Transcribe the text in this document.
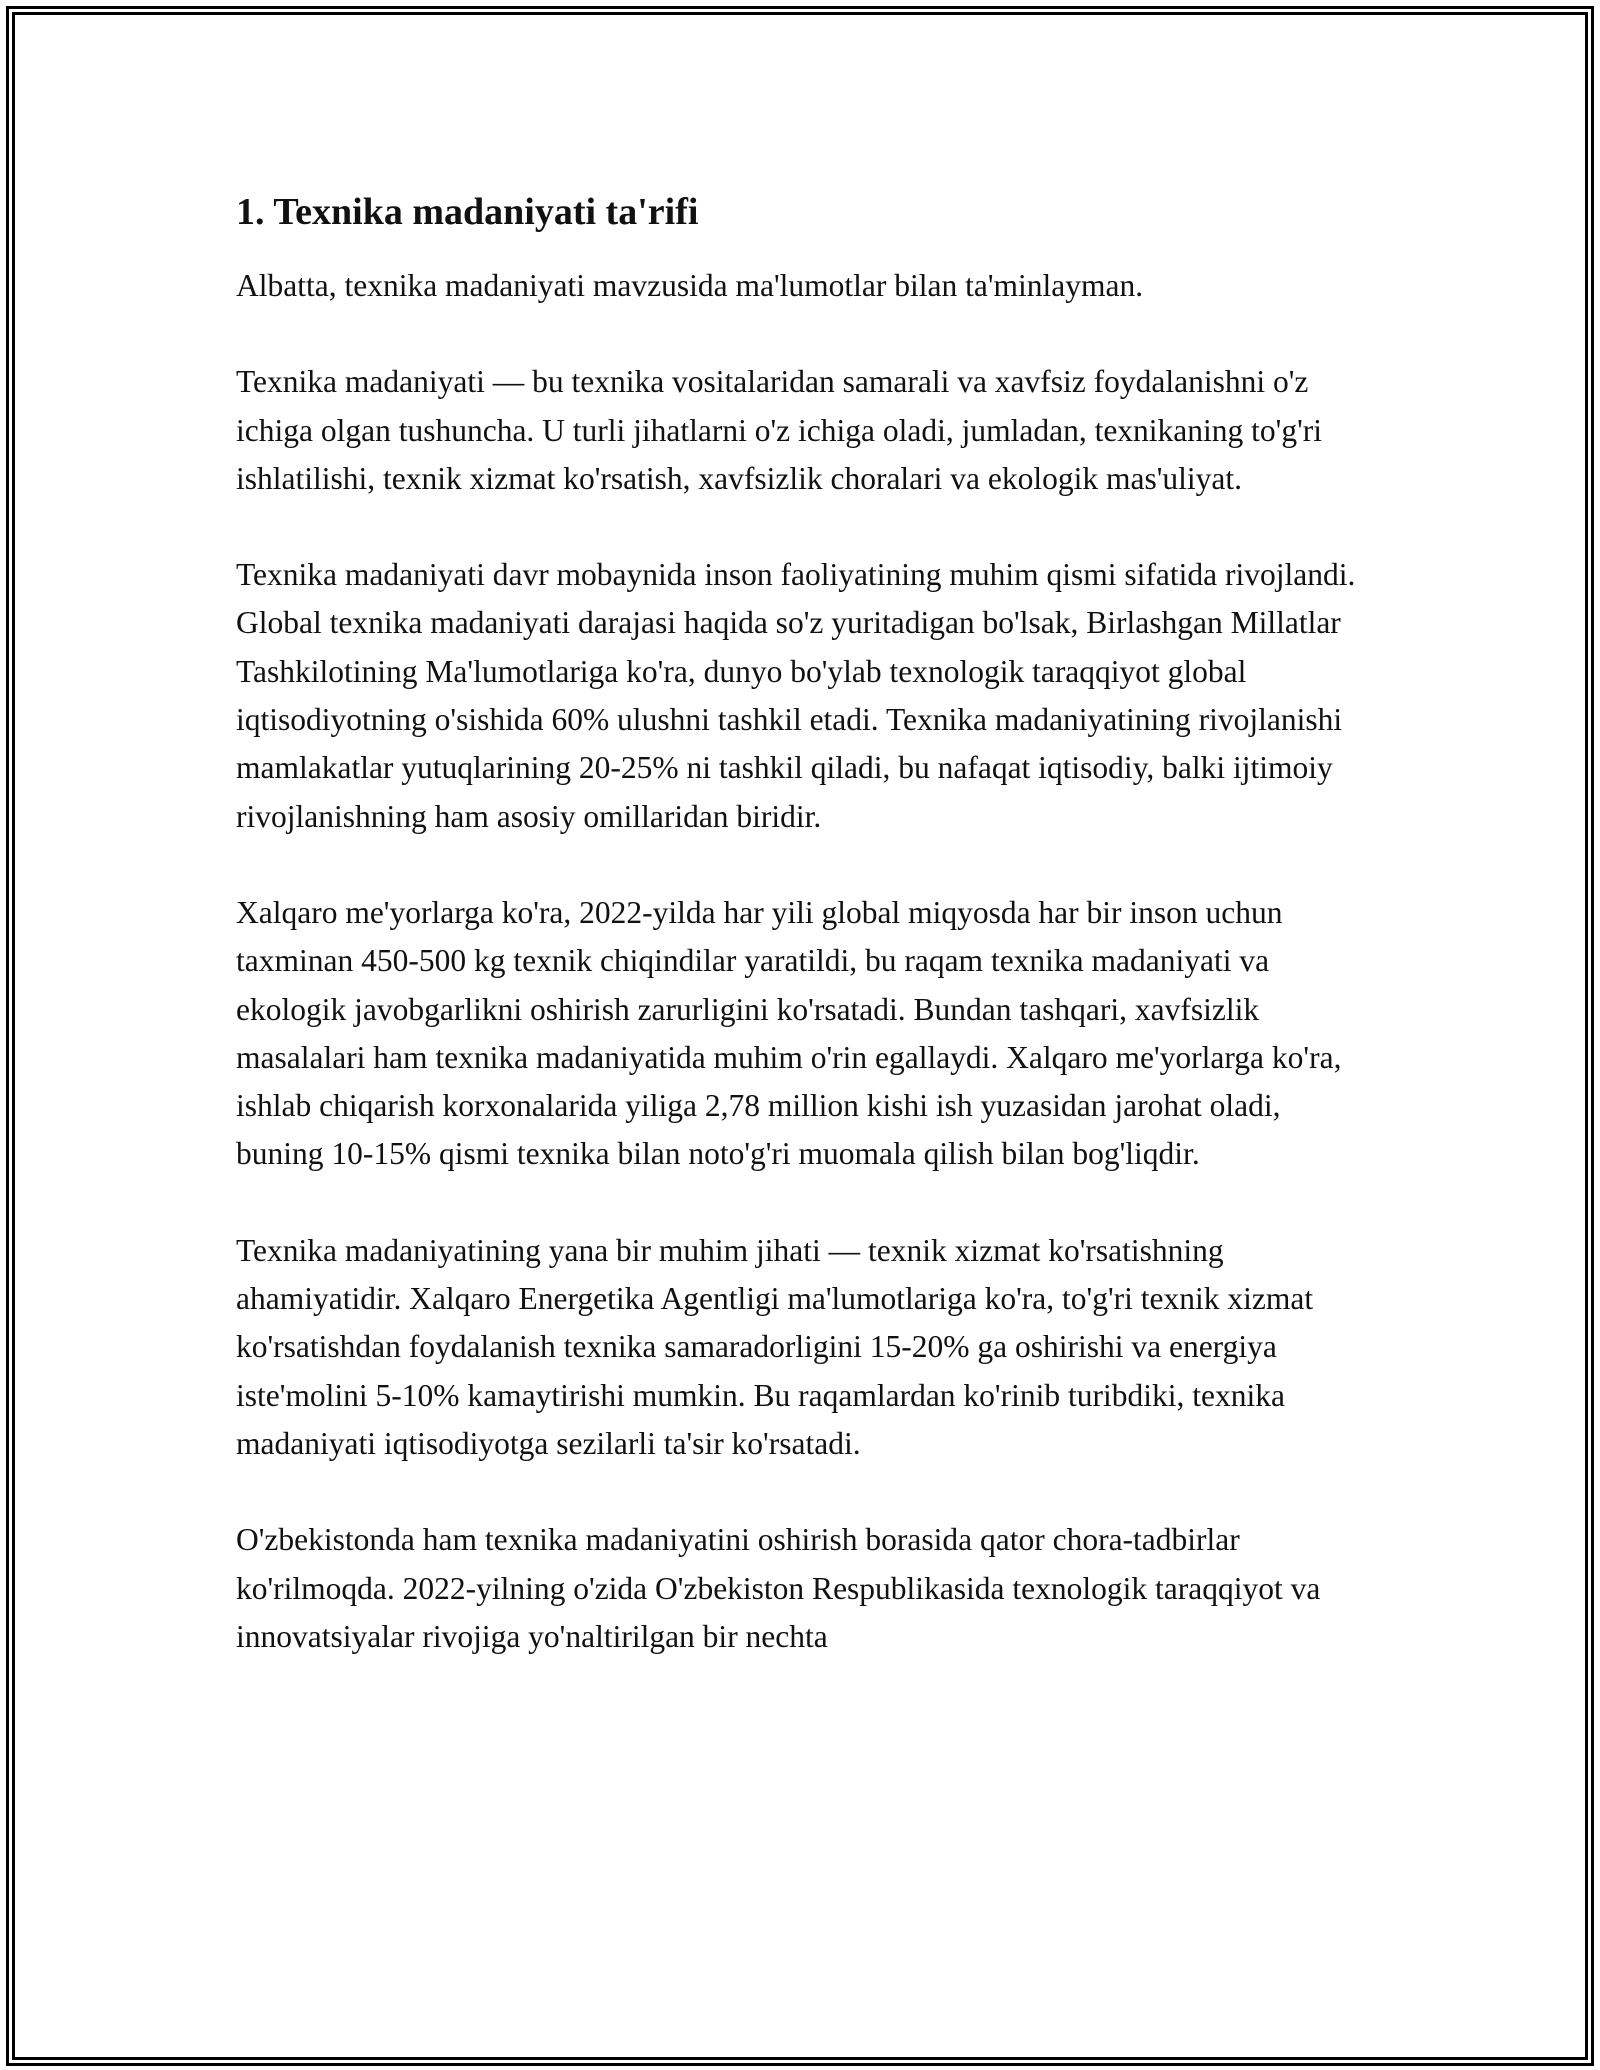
1. Texnika madaniyati ta'rifi

Albatta, texnika madaniyati mavzusida ma'lumotlar bilan ta'minlayman.

Texnika madaniyati — bu texnika vositalaridan samarali va xavfsiz foydalanishni o'z ichiga olgan tushuncha. U turli jihatlarni o'z ichiga oladi, jumladan, texnikaning to'g'ri ishlatilishi, texnik xizmat ko'rsatish, xavfsizlik choralari va ekologik mas'uliyat.

Texnika madaniyati davr mobaynida inson faoliyatining muhim qismi sifatida rivojlandi. Global texnika madaniyati darajasi haqida so'z yuritadigan bo'lsak, Birlashgan Millatlar Tashkilotining Ma'lumotlariga ko'ra, dunyo bo'ylab texnologik taraqqiyot global iqtisodiyotning o'sishida 60% ulushni tashkil etadi. Texnika madaniyatining rivojlanishi mamlakatlar yutuqlarining 20-25% ni tashkil qiladi, bu nafaqat iqtisodiy, balki ijtimoiy rivojlanishning ham asosiy omillaridan biridir.

Xalqaro me'yorlarga ko'ra, 2022-yilda har yili global miqyosda har bir inson uchun taxminan 450-500 kg texnik chiqindilar yaratildi, bu raqam texnika madaniyati va ekologik javobgarlikni oshirish zarurligini ko'rsatadi. Bundan tashqari, xavfsizlik masalalari ham texnika madaniyatida muhim o'rin egallaydi. Xalqaro me'yorlarga ko'ra, ishlab chiqarish korxonalarida yiliga 2,78 million kishi ish yuzasidan jarohat oladi, buning 10-15% qismi texnika bilan noto'g'ri muomala qilish bilan bog'liqdir.

Texnika madaniyatining yana bir muhim jihati — texnik xizmat ko'rsatishning ahamiyatidir. Xalqaro Energetika Agentligi ma'lumotlariga ko'ra, to'g'ri texnik xizmat ko'rsatishdan foydalanish texnika samaradorligini 15-20% ga oshirishi va energiya iste'molini 5-10% kamaytirishi mumkin. Bu raqamlardan ko'rinib turibdiki, texnika madaniyati iqtisodiyotga sezilarli ta'sir ko'rsatadi.

O'zbekistonda ham texnika madaniyatini oshirish borasida qator chora-tadbirlar ko'rilmoqda. 2022-yilning o'zida O'zbekiston Respublikasida texnologik taraqqiyot va innovatsiyalar rivojiga yo'naltirilgan bir nechta
